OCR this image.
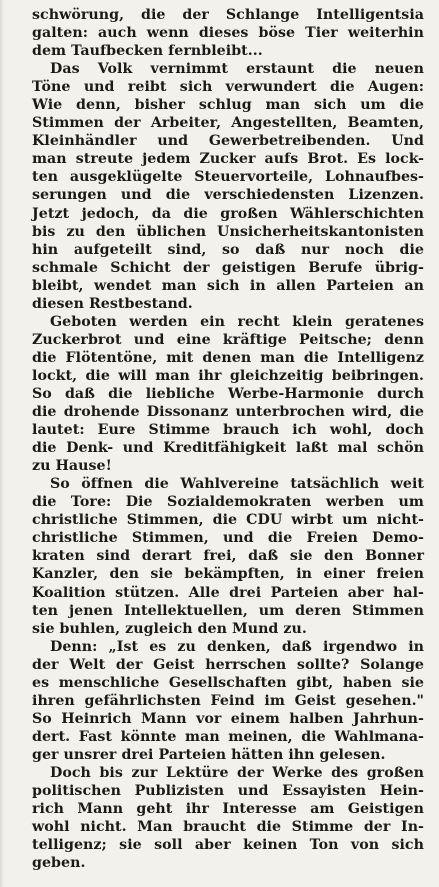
schwörung, die der Schlange Intelligentsia
galten: auch wenn dieses böse Tier weiterhin
dem Taufbecken fernbleibt...
Das Volk vernimmt erstaunt die neuen
Töne und reibt sich verwundert die Augen:
Wie denn, bisher schlug man sich um die
Stimmen der Arbeiter, Angestellten, Beamten,
Kleinhändler und Gewerbetreibenden. Und
man streute jedem Zucker aufs Brot. Es lock-
ten ausgeklügelte Steuervorteile, Lohnaufbes-
serungen und die verschiedensten Lizenzen.
Jetzt jedoch, da die großen Wählerschichten
bis zu den üblichen Unsicherheitskantonisten
hin aufgeteilt sind, so daß nur noch die
schmale Schicht der geistigen Berufe übrig-
bleibt, wendet man sich in allen Parteien an
diesen Restbestand.
Geboten werden ein recht klein geratenes
Zuckerbrot und eine kräftige Peitsche; denn
die Flötentöne, mit denen man die Intelligenz
lockt, die will man ihr gleichzeitig beibringen.
So daß die liebliche Werbe-Harmonie durch
die drohende Dissonanz unterbrochen wird, die
lautet: Eure Stimme brauch ich wohl, doch
die Denk- und Kreditfähigkeit laßt mal schön
zu Hause!
So öffnen die Wahlvereine tatsächlich weit
die Tore: Die Sozialdemokraten werben um
christliche Stimmen, die CDU wirbt um nicht-
christliche Stimmen, und die Freien Demo-
kraten sind derart frei, daß sie den Bonner
Kanzler, den sie bekämpften, in einer freien
Koalition stützen. Alle drei Parteien aber hal-
ten jenen Intellektuellen, um deren Stimmen
sie buhlen, zugleich den Mund zu.
Denn: „Ist es zu denken, daß irgendwo in
der Welt der Geist herrschen sollte? Solange
es menschliche Gesellschaften gibt, haben sie
ihren gefährlichsten Feind im Geist gesehen."
So Heinrich Mann vor einem halben Jahrhun-
dert. Fast könnte man meinen, die Wahlmana-
ger unsrer drei Parteien hätten ihn gelesen.
Doch bis zur Lektüre der Werke des großen
politischen Publizisten und Essayisten Hein-
rich Mann geht ihr Interesse am Geistigen
wohl nicht. Man braucht die Stimme der In-
telligenz; sie soll aber keinen Ton von sich
geben.
